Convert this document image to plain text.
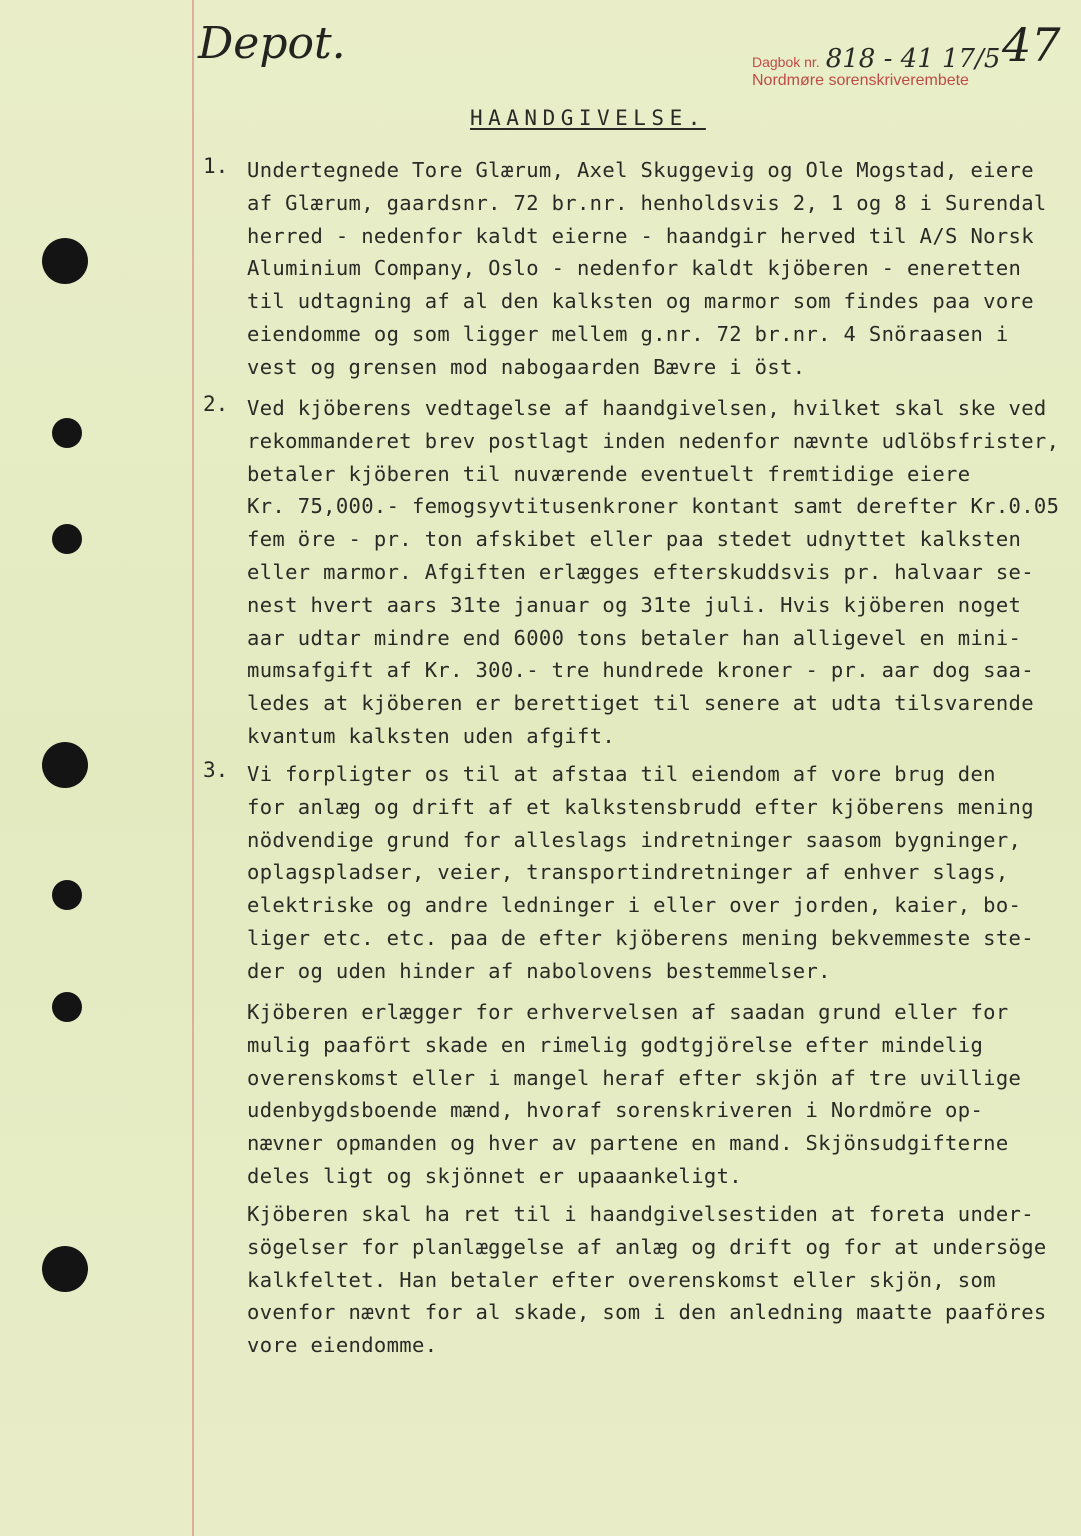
Depot.	47
Dagbok nr. 818 - 41 17/5
Nordmøre sorenskriverembete
HAANDGIVELSE.
1. Undertegnede Tore Glærum, Axel Skuggevig og Ole Mogstad, eiere
af Glærum, gaardsnr. 72 br.nr. henholdsvis 2, 1 og 8 i Surendal
herred - nedenfor kaldt eierne - haandgir herved til A/S Norsk
Aluminium Company, Oslo - nedenfor kaldt kjöberen - eneretten
til udtagning af al den kalksten og marmor som findes paa vore
eiendomme og som ligger mellem g.nr. 72 br.nr. 4 Snöraasen i
vest og grensen mod nabogaarden Bævre i öst.
2. Ved kjöberens vedtagelse af haandgivelsen, hvilket skal ske ved
rekommanderet brev postlagt inden nedenfor nævnte udlöbsfrister,
betaler kjöberen til nuværende eventuelt fremtidige eiere
Kr. 75,000.- femogsyvtitusenkroner kontant samt derefter Kr.0.05
fem öre - pr. ton afskibet eller paa stedet udnyttet kalksten
eller marmor. Afgiften erlægges efterskuddsvis pr. halvaar se-
nest hvert aars 31te januar og 31te juli. Hvis kjöberen noget
aar udtar mindre end 6000 tons betaler han alligevel en mini-
mumsafgift af Kr. 300.- tre hundrede kroner - pr. aar dog saa-
ledes at kjöberen er berettiget til senere at udta tilsvarende
kvantum kalksten uden afgift.
3. Vi forpligter os til at afstaa til eiendom af vore brug den
for anlæg og drift af et kalkstensbrudd efter kjöberens mening
nödvendige grund for alleslags indretninger saasom bygninger,
oplagspladser, veier, transportindretninger af enhver slags,
elektriske og andre ledninger i eller over jorden, kaier, bo-
liger etc. etc. paa de efter kjöberens mening bekvemmeste ste-
der og uden hinder af nabolovens bestemmelser.
Kjöberen erlægger for erhvervelsen af saadan grund eller for
mulig paafört skade en rimelig godtgjörelse efter mindelig
overenskomst eller i mangel heraf efter skjön af tre uvillige
udenbygdsboende mænd, hvoraf sorenskriveren i Nordmöre op-
nævner opmanden og hver av partene en mand. Skjönsudgifterne
deles ligt og skjönnet er upaaankeligt.
Kjöberen skal ha ret til i haandgivelsestiden at foreta under-
sögelser for planlæggelse af anlæg og drift og for at undersöge
kalkfeltet. Han betaler efter overenskomst eller skjön, som
ovenfor nævnt for al skade, som i den anledning maatte paaföres
vore eiendomme.
